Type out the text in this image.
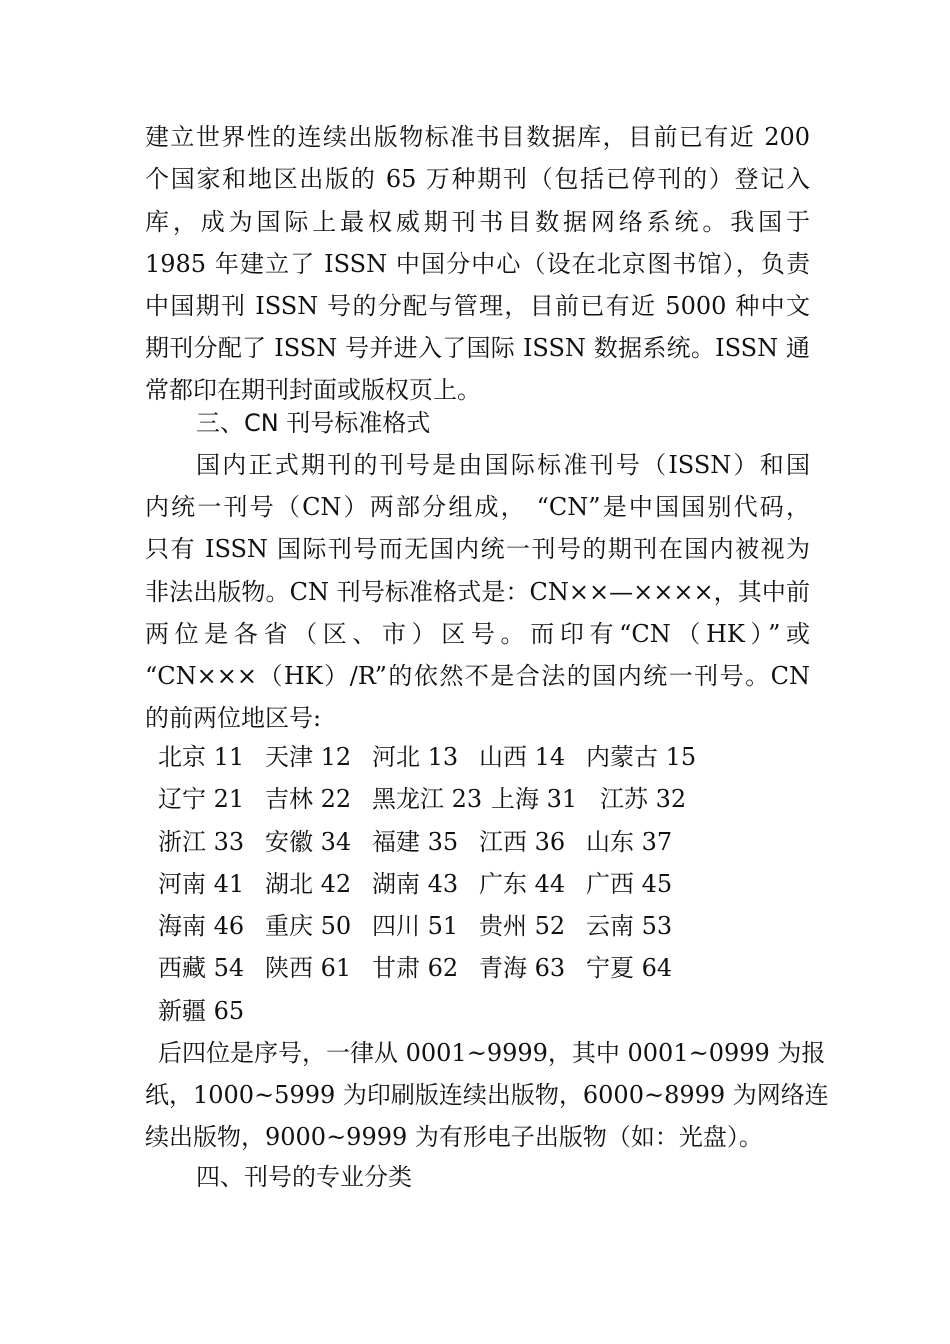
建立世界性的连续出版物标准书目数据库，目前已有近 200
个国家和地区出版的 65 万种期刊（包括已停刊的）登记入
库，成为国际上最权威期刊书目数据网络系统。我国于
1985 年建立了 ISSN 中国分中心（设在北京图书馆），负责
中国期刊 ISSN 号的分配与管理，目前已有近 5000 种中文
期刊分配了 ISSN 号并进入了国际 ISSN 数据系统。ISSN 通
常都印在期刊封面或版权页上。
三、CN 刊号标准格式
国内正式期刊的刊号是由国际标准刊号（ISSN）和国
内统一刊号（CN）两部分组成， “CN”是中国国别代码，
只有 ISSN 国际刊号而无国内统一刊号的期刊在国内被视为
非法出版物。CN 刊号标准格式是：CN××—××××，其中前
两位是各省（区、市）区号。而印有“CN（HK）”或
“CN×××（HK）/R”的依然不是合法的国内统一刊号。CN
的前两位地区号:
北京 11 天津 12 河北 13 山西 14 内蒙古 15
辽宁 21 吉林 22 黑龙江 23 上海 31 江苏 32
浙江 33 安徽 34 福建 35 江西 36 山东 37
河南 41 湖北 42 湖南 43 广东 44 广西 45
海南 46 重庆 50 四川 51 贵州 52 云南 53
西藏 54 陕西 61 甘肃 62 青海 63 宁夏 64
新疆 65
后四位是序号，一律从 0001~9999，其中 0001~0999 为报
纸，1000~5999 为印刷版连续出版物，6000~8999 为网络连
续出版物，9000~9999 为有形电子出版物（如：光盘）。
四、刊号的专业分类
